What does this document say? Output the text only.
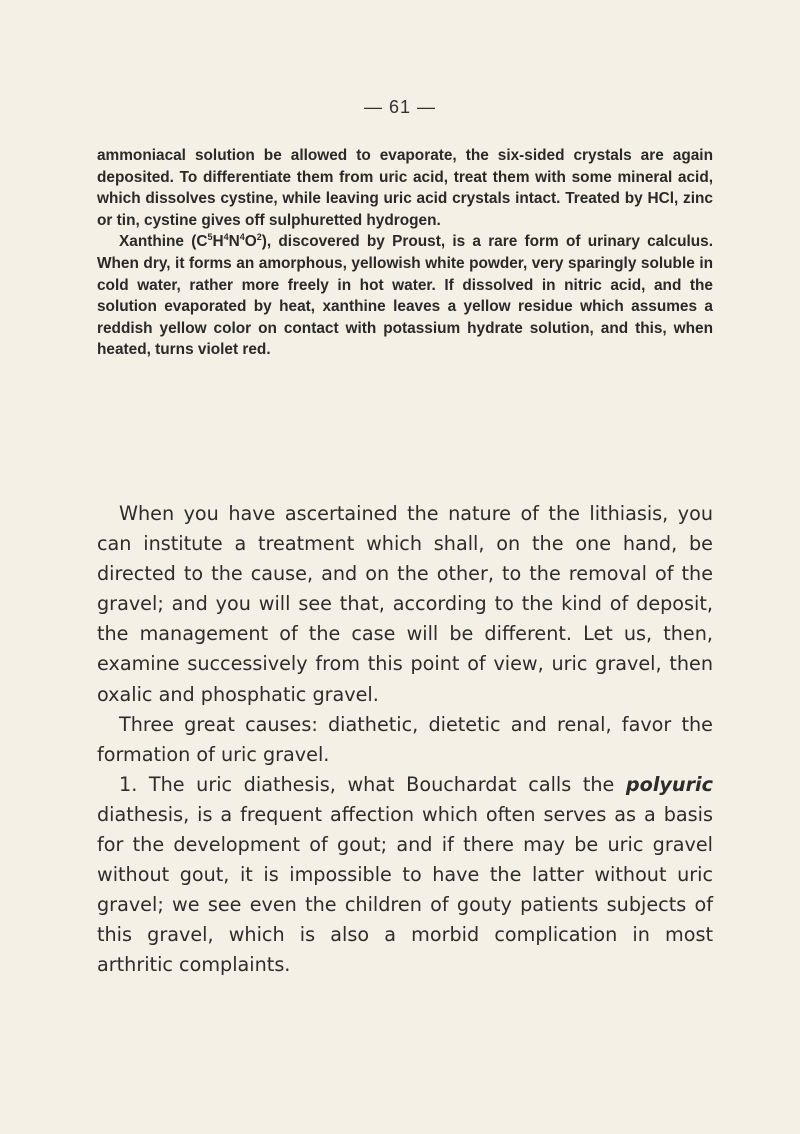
— 61 —

ammoniacal solution be allowed to evaporate, the six-sided crystals are again deposited. To differentiate them from uric acid, treat them with some mineral acid, which dissolves cystine, while leaving uric acid crystals intact. Treated by HCl, zinc or tin, cystine gives off sulphuretted hydrogen.

Xanthine $(C^5H^4N^4O^2)$, discovered by Proust, is a rare form of urinary calculus. When dry, it forms an amorphous, yellowish white powder, very sparingly soluble in cold water, rather more freely in hot water. If dissolved in nitric acid, and the solution evaporated by heat, xanthine leaves a yellow residue which assumes a reddish yellow color on contact with potassium hydrate solution, and this, when heated, turns violet red.

When you have ascertained the nature of the lithiasis, you can institute a treatment which shall, on the one hand, be directed to the cause, and on the other, to the removal of the gravel; and you will see that, according to the kind of deposit, the management of the case will be different. Let us, then, examine successively from this point of view, uric gravel, then oxalic and phosphatic gravel.

Three great causes: diathetic, dietetic and renal, favor the formation of uric gravel.

1. The uric diathesis, what Bouchardat calls the polyuric diathesis, is a frequent affection which often serves as a basis for the development of gout; and if there may be uric gravel without gout, it is impossible to have the latter without uric gravel; we see even the children of gouty patients subjects of this gravel, which is also a morbid complication in most arthritic complaints.
